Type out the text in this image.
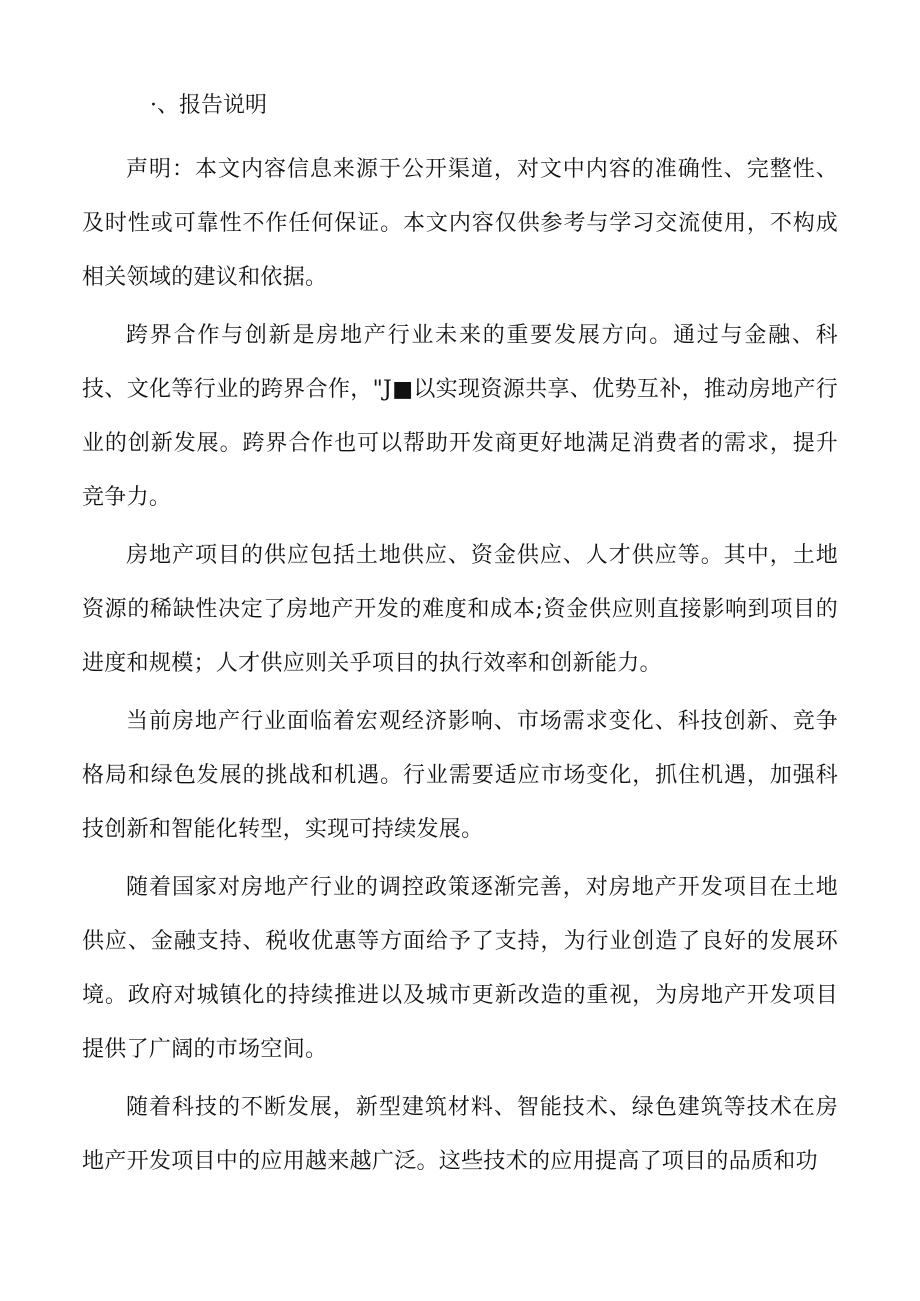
·、报告说明

声明：本文内容信息来源于公开渠道，对文中内容的准确性、完整性、及时性或可靠性不作任何保证。本文内容仅供参考与学习交流使用，不构成相关领域的建议和依据。

跨界合作与创新是房地产行业未来的重要发展方向。通过与金融、科技、文化等行业的跨界合作，"J■以实现资源共享、优势互补，推动房地产行业的创新发展。跨界合作也可以帮助开发商更好地满足消费者的需求，提升竞争力。

房地产项目的供应包括土地供应、资金供应、人才供应等。其中，土地资源的稀缺性决定了房地产开发的难度和成本;资金供应则直接影响到项目的进度和规模；人才供应则关乎项目的执行效率和创新能力。

当前房地产行业面临着宏观经济影响、市场需求变化、科技创新、竞争格局和绿色发展的挑战和机遇。行业需要适应市场变化，抓住机遇，加强科技创新和智能化转型，实现可持续发展。

随着国家对房地产行业的调控政策逐渐完善，对房地产开发项目在土地供应、金融支持、税收优惠等方面给予了支持，为行业创造了良好的发展环境。政府对城镇化的持续推进以及城市更新改造的重视，为房地产开发项目提供了广阔的市场空间。

随着科技的不断发展，新型建筑材料、智能技术、绿色建筑等技术在房地产开发项目中的应用越来越广泛。这些技术的应用提高了项目的品质和功
